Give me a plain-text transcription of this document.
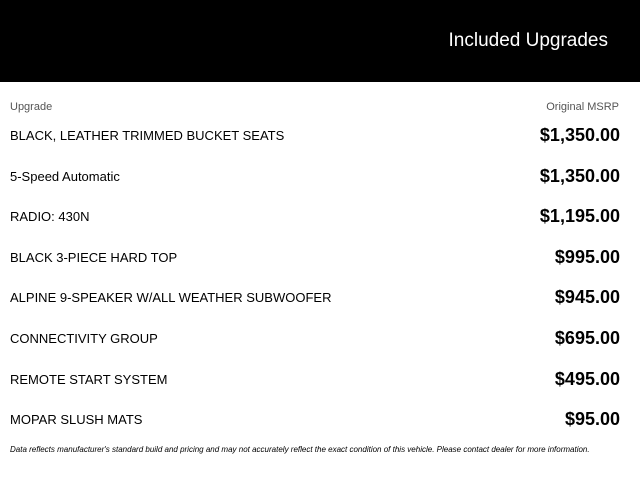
Included Upgrades
Upgrade	Original MSRP
BLACK, LEATHER TRIMMED BUCKET SEATS	$1,350.00
5-Speed Automatic	$1,350.00
RADIO: 430N	$1,195.00
BLACK 3-PIECE HARD TOP	$995.00
ALPINE 9-SPEAKER W/ALL WEATHER SUBWOOFER	$945.00
CONNECTIVITY GROUP	$695.00
REMOTE START SYSTEM	$495.00
MOPAR SLUSH MATS	$95.00
Data reflects manufacturer's standard build and pricing and may not accurately reflect the exact condition of this vehicle. Please contact dealer for more information.
